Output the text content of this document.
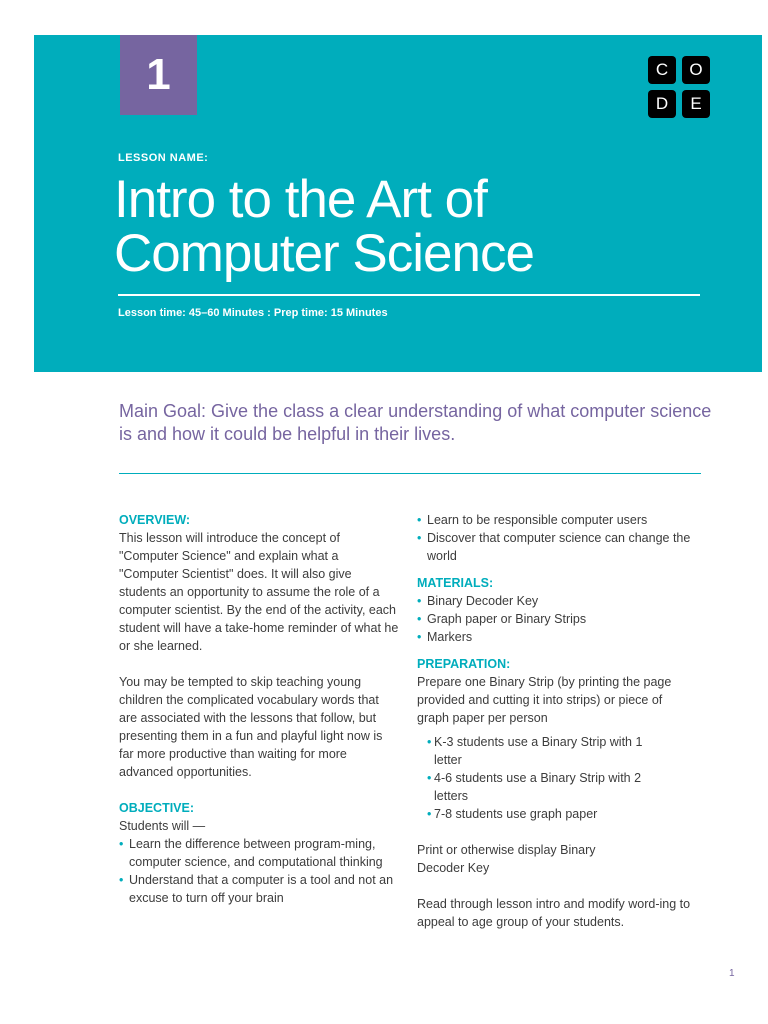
1	C	O
D	E
LESSON NAME:
Intro to the Art of
Computer Science
Lesson time: 45–60 Minutes : Prep time: 15 Minutes
Main Goal: Give the class a clear understanding of what computer science is and how it could be helpful in their lives.
OVERVIEW:

This lesson will introduce the concept of "Computer Science" and explain what a "Computer Scientist" does. It will also give students an opportunity to assume the role of a computer scientist. By the end of the activity, each student will have a take-home reminder of what he or she learned.

You may be tempted to skip teaching young children the complicated vocabulary words that are associated with the lessons that follow, but presenting them in a fun and playful light now is far more productive than waiting for more advanced opportunities.

OBJECTIVE:

Students will —

• Learn the difference between program-ming, computer science, and computational thinking
• Understand that a computer is a tool and not an excuse to turn off your brain
• Learn to be responsible computer users
• Discover that computer science can change the world
MATERIALS:
• Binary Decoder Key
• Graph paper or Binary Strips
• Markers
PREPARATION:

Prepare one Binary Strip (by printing the page provided and cutting it into strips) or piece of graph paper per person

• K-3 students use a Binary Strip with 1 letter
• 4-6 students use a Binary Strip with 2 letters
• 7-8 students use graph paper

Print or otherwise display Binary Decoder Key

Read through lesson intro and modify word-ing to appeal to age group of your students.

1
